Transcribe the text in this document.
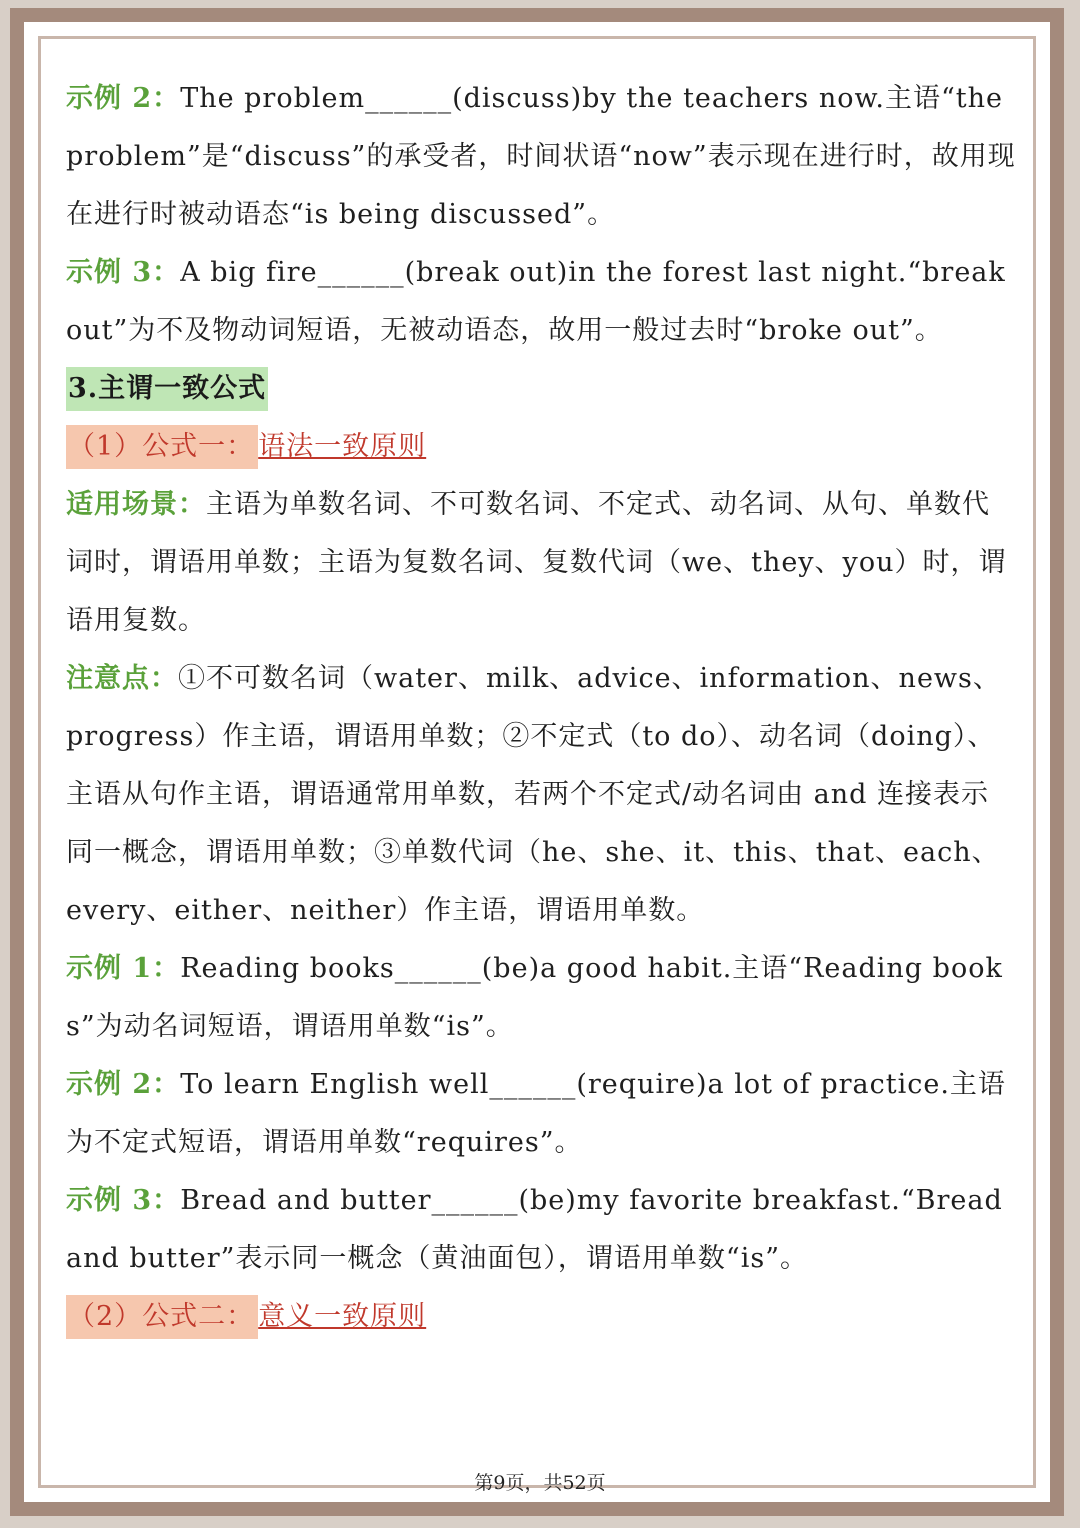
示例 2：The problem______(discuss)by the teachers now.主语“the problem”是“discuss”的承受者，时间状语“now”表示现在进行时，故用现在进行时被动语态“is being discussed”。

示例 3：A big fire______(break out)in the forest last night.“break out”为不及物动词短语，无被动语态，故用一般过去时“broke out”。

3.主谓一致公式

（1）公式一： 语法一致原则

适用场景：主语为单数名词、不可数名词、不定式、动名词、从句、单数代词时，谓语用单数；主语为复数名词、复数代词（we、they、you）时，谓语用复数。

注意点：①不可数名词（water、milk、advice、information、news、progress）作主语，谓语用单数；②不定式（to do）、动名词（doing）、主语从句作主语，谓语通常用单数，若两个不定式/动名词由 and 连接表示同一概念，谓语用单数；③单数代词（he、she、it、this、that、each、every、either、neither）作主语，谓语用单数。

示例 1：Reading books______(be)a good habit.主语“Reading books”为动名词短语，谓语用单数“is”。

示例 2：To learn English well______(require)a lot of practice.主语为不定式短语，谓语用单数“requires”。

示例 3：Bread and butter______(be)my favorite breakfast.“Bread and butter”表示同一概念（黄油面包），谓语用单数“is”。

（2）公式二： 意义一致原则

第9页，共52页
